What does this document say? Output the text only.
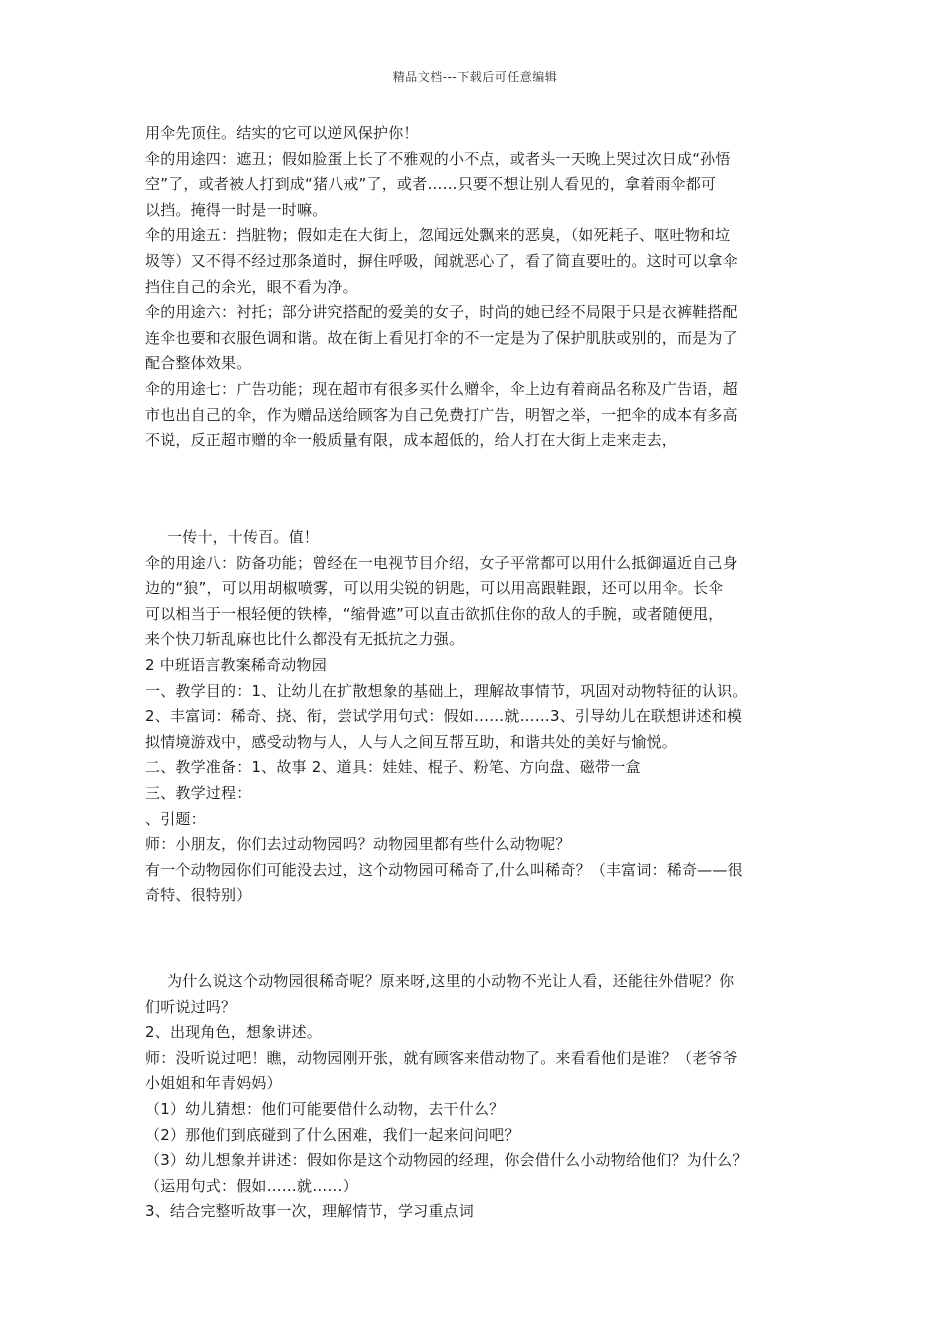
精品文档---下载后可任意编辑
用伞先顶住。结实的它可以逆风保护你！
伞的用途四：遮丑；假如脸蛋上长了不雅观的小不点，或者头一天晚上哭过次日成“孙悟
空”了，或者被人打到成“猪八戒”了，或者……只要不想让别人看见的，拿着雨伞都可
以挡。掩得一时是一时嘛。
伞的用途五：挡脏物；假如走在大街上，忽闻远处飘来的恶臭，（如死耗子、呕吐物和垃
圾等）又不得不经过那条道时，摒住呼吸，闻就恶心了，看了简直要吐的。这时可以拿伞
挡住自己的余光，眼不看为净。
伞的用途六：衬托；部分讲究搭配的爱美的女子，时尚的她已经不局限于只是衣裤鞋搭配
连伞也要和衣服色调和谐。故在街上看见打伞的不一定是为了保护肌肤或别的，而是为了
配合整体效果。
伞的用途七：广告功能；现在超市有很多买什么赠伞，伞上边有着商品名称及广告语，超
市也出自己的伞，作为赠品送给顾客为自己免费打广告，明智之举，一把伞的成本有多高
不说，反正超市赠的伞一般质量有限，成本超低的，给人打在大街上走来走去，
一传十，十传百。值！
伞的用途八：防备功能；曾经在一电视节目介绍，女子平常都可以用什么抵御逼近自己身
边的“狼”，可以用胡椒喷雾，可以用尖锐的钥匙，可以用高跟鞋跟，还可以用伞。长伞
可以相当于一根轻便的铁棒，“缩骨遮”可以直击欲抓住你的敌人的手腕，或者随便甩，
来个快刀斩乱麻也比什么都没有无抵抗之力强。
2 中班语言教案稀奇动物园
一、教学目的：1、让幼儿在扩散想象的基础上，理解故事情节，巩固对动物特征的认识。
2、丰富词：稀奇、挠、衔，尝试学用句式：假如……就……3、引导幼儿在联想讲述和模
拟情境游戏中，感受动物与人，人与人之间互帮互助，和谐共处的美好与愉悦。
二、教学准备：1、故事 2、道具：娃娃、棍子、粉笔、方向盘、磁带一盒
三、教学过程：
、引题：
师：小朋友，你们去过动物园吗？动物园里都有些什么动物呢？
有一个动物园你们可能没去过，这个动物园可稀奇了,什么叫稀奇？（丰富词：稀奇——很
奇特、很特别）
为什么说这个动物园很稀奇呢？原来呀,这里的小动物不光让人看，还能往外借呢？你
们听说过吗？
2、出现角色，想象讲述。
师：没听说过吧！瞧，动物园刚开张，就有顾客来借动物了。来看看他们是谁？（老爷爷
小姐姐和年青妈妈）
（1）幼儿猜想：他们可能要借什么动物，去干什么？
（2）那他们到底碰到了什么困难，我们一起来问问吧？
（3）幼儿想象并讲述：假如你是这个动物园的经理，你会借什么小动物给他们？为什么？
（运用句式：假如……就……）
3、结合完整听故事一次，理解情节，学习重点词
